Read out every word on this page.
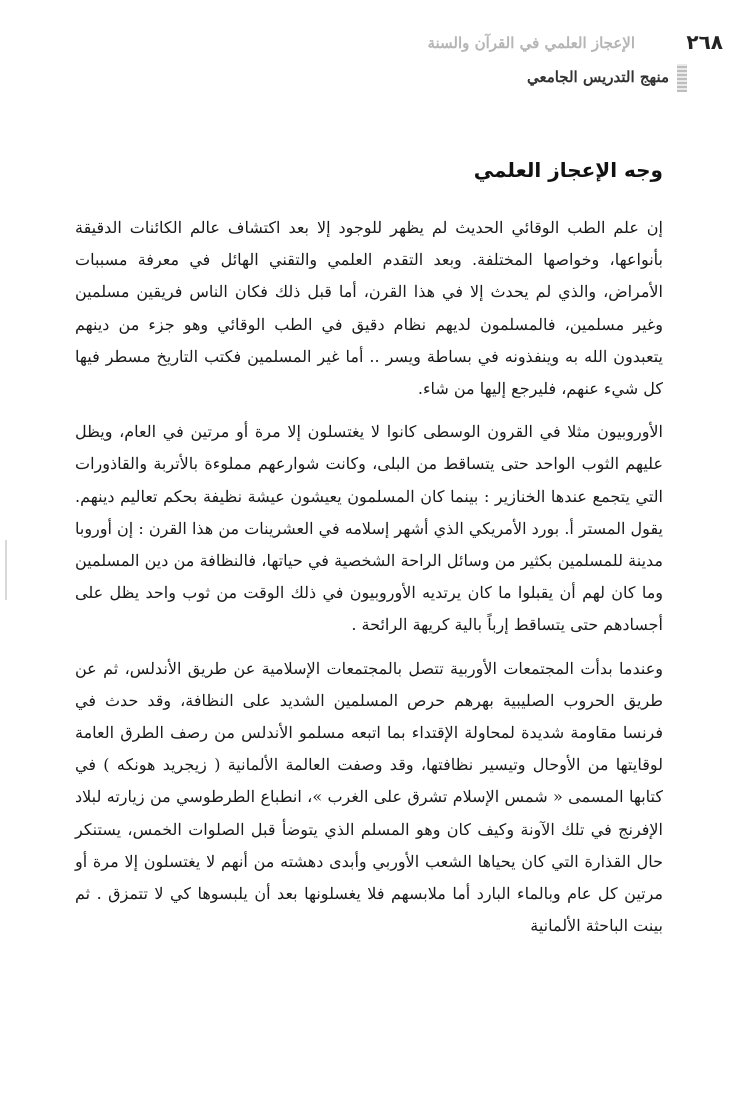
٢٦٨
الإعجاز العلمي في القرآن والسنة
منهج التدريس الجامعي
وجه الإعجاز العلمي

إن علم الطب الوقائي الحديث لم يظهر للوجود إلا بعد اكتشاف عالم الكائنات الدقيقة بأنواعها، وخواصها المختلفة. وبعد التقدم العلمي والتقني الهائل في معرفة مسببات الأمراض، والذي لم يحدث إلا في هذا القرن، أما قبل ذلك فكان الناس فريقين مسلمين وغير مسلمين، فالمسلمون لديهم نظام دقيق في الطب الوقائي وهو جزء من دينهم يتعبدون الله به وينفذونه في بساطة ويسر .. أما غير المسلمين فكتب التاريخ مسطر فيها كل شيء عنهم، فليرجع إليها من شاء.

الأوروبيون مثلا في القرون الوسطى كانوا لا يغتسلون إلا مرة أو مرتين في العام، ويظل عليهم الثوب الواحد حتى يتساقط من البلى، وكانت شوارعهم مملوءة بالأتربة والقاذورات التي يتجمع عندها الخنازير : بينما كان المسلمون يعيشون عيشة نظيفة بحكم تعاليم دينهم. يقول المستر أ. بورد الأمريكي الذي أشهر إسلامه في العشرينات من هذا القرن : إن أوروبا مدينة للمسلمين بكثير من وسائل الراحة الشخصية في حياتها، فالنظافة من دين المسلمين وما كان لهم أن يقبلوا ما كان يرتديه الأوروبيون في ذلك الوقت من ثوب واحد يظل على أجسادهم حتى يتساقط إرباً بالية كريهة الرائحة .

وعندما بدأت المجتمعات الأوربية تتصل بالمجتمعات الإسلامية عن طريق الأندلس، ثم عن طريق الحروب الصليبية بهرهم حرص المسلمين الشديد على النظافة، وقد حدث في فرنسا مقاومة شديدة لمحاولة الإقتداء بما اتبعه مسلمو الأندلس من رصف الطرق العامة لوقايتها من الأوحال وتيسير نظافتها، وقد وصفت العالمة الألمانية ( زيجريد هونكه ) في كتابها المسمى « شمس الإسلام تشرق على الغرب »، انطباع الطرطوسي من زيارته لبلاد الإفرنج في تلك الآونة وكيف كان وهو المسلم الذي يتوضأ قبل الصلوات الخمس، يستنكر حال القذارة التي كان يحياها الشعب الأوربي وأبدى دهشته من أنهم لا يغتسلون إلا مرة أو مرتين كل عام وبالماء البارد أما ملابسهم فلا يغسلونها بعد أن يلبسوها كي لا تتمزق . ثم بينت الباحثة الألمانية
